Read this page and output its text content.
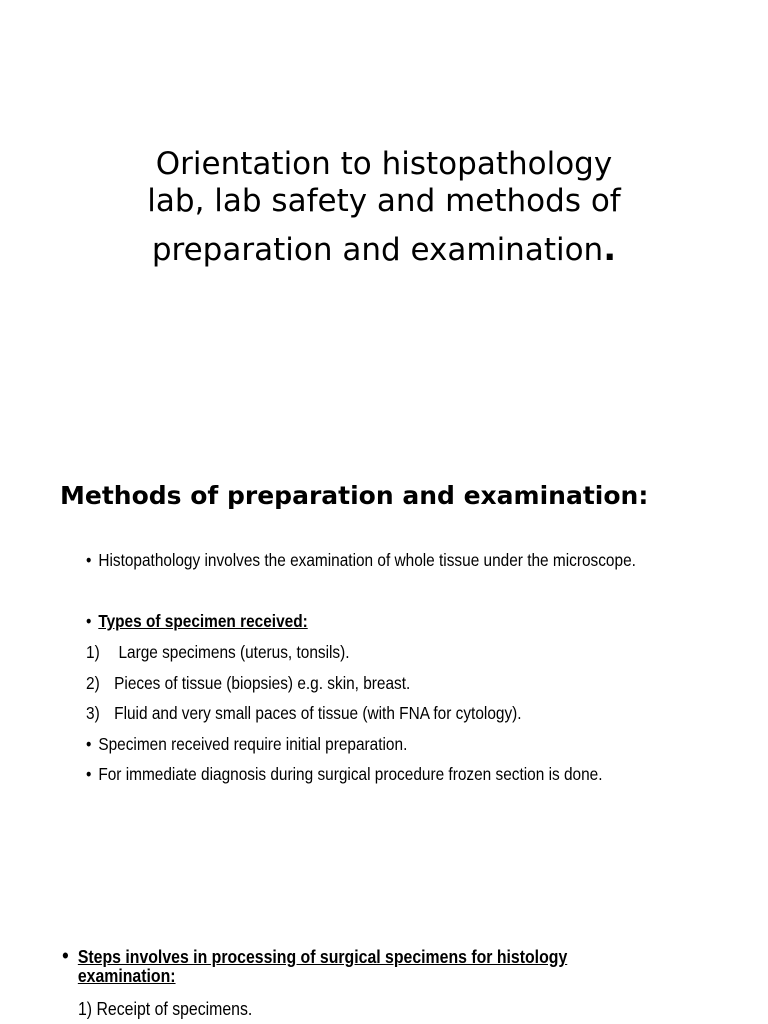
Orientation to histopathology
lab, lab safety and methods of
preparation and examination.
Methods of preparation and examination:

• Histopathology involves the examination of whole tissue under the microscope.

• Types of specimen received:

1) Large specimens (uterus, tonsils).

2) Pieces of tissue (biopsies) e.g. skin, breast.

3) Fluid and very small paces of tissue (with FNA for cytology).

• Specimen received require initial preparation.

• For immediate diagnosis during surgical procedure frozen section is done.

• Steps involves in processing of surgical specimens for histology examination:

1) Receipt of specimens.
